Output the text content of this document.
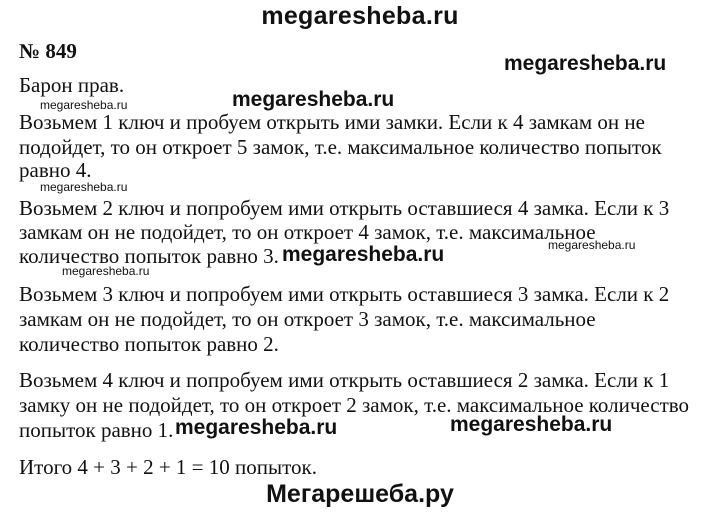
megaresheba.ru
№ 849
Барон прав.
Возьмем 1 ключ и пробуем открыть ими замки. Если к 4 замкам он не
подойдет, то он откроет 5 замок, т.е. максимальное количество попыток
равно 4.
Возьмем 2 ключ и попробуем ими открыть оставшиеся 4 замка. Если к 3
замкам он не подойдет, то он откроет 4 замок, т.е. максимальное
количество попыток равно 3.
Возьмем 3 ключ и попробуем ими открыть оставшиеся 3 замка. Если к 2
замкам он не подойдет, то он откроет 3 замок, т.е. максимальное
количество попыток равно 2.
Возьмем 4 ключ и попробуем ими открыть оставшиеся 2 замка. Если к 1
замку он не подойдет, то он откроет 2 замок, т.е. максимальное количество
попыток равно 1.
Итого 4 + 3 + 2 + 1 = 10 попыток.
megaresheba.ru
megaresheba.ru
megaresheba.ru
megaresheba.ru	megaresheba.ru
megaresheba.ru
megaresheba.ru
megaresheba.ru
megaresheba.ru
Мегарешеба.ру
